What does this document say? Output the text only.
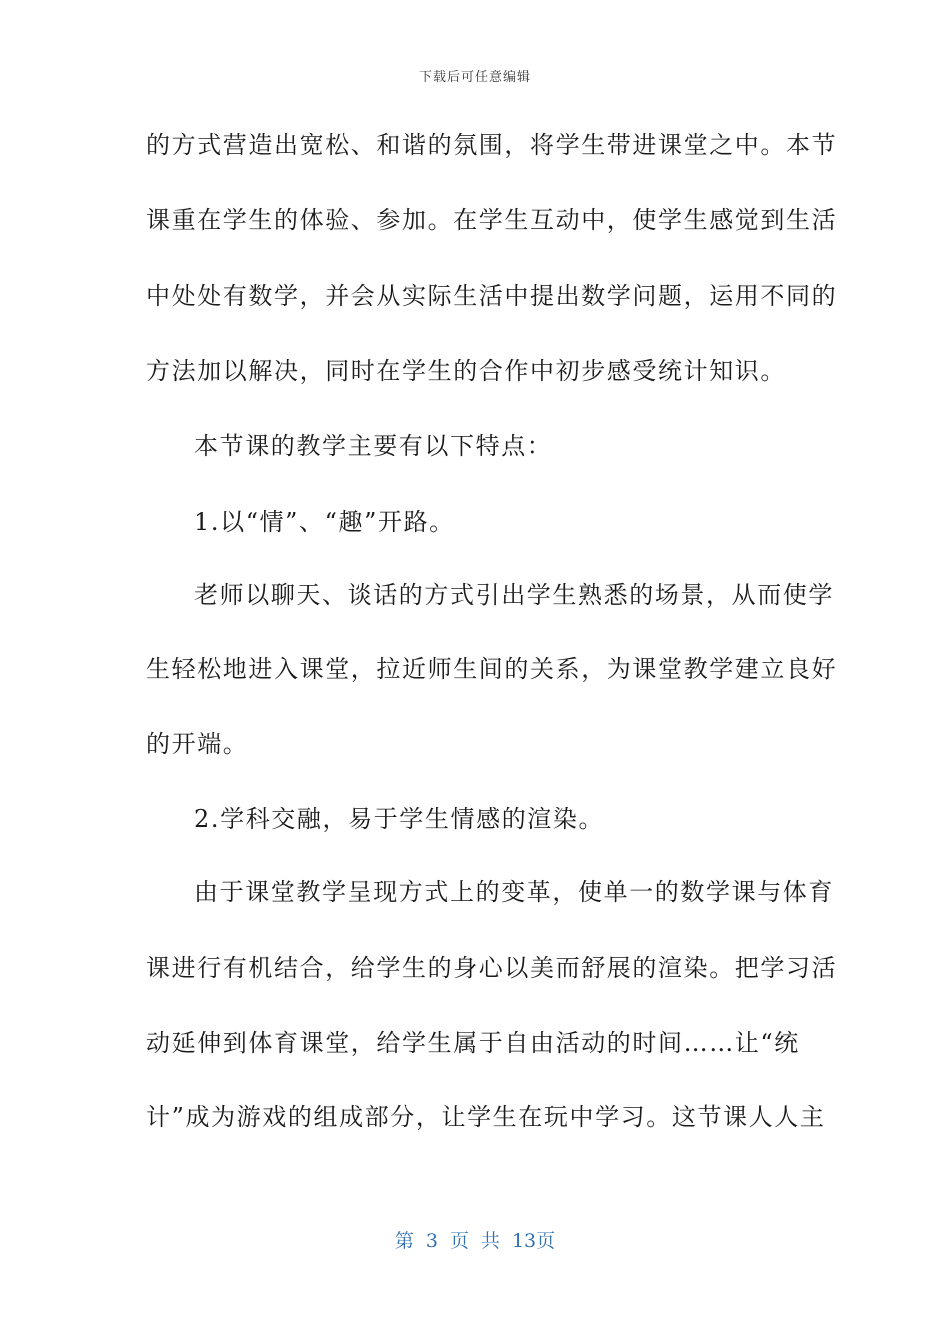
下载后可任意编辑
的方式营造出宽松、和谐的氛围，将学生带进课堂之中。本节
课重在学生的体验、参加。在学生互动中，使学生感觉到生活
中处处有数学，并会从实际生活中提出数学问题，运用不同的
方法加以解决，同时在学生的合作中初步感受统计知识。
本节课的教学主要有以下特点：
1.以“情”、“趣”开路。
老师以聊天、谈话的方式引出学生熟悉的场景，从而使学
生轻松地进入课堂，拉近师生间的关系，为课堂教学建立良好
的开端。
2.学科交融，易于学生情感的渲染。
由于课堂教学呈现方式上的变革，使单一的数学课与体育
课进行有机结合，给学生的身心以美而舒展的渲染。把学习活
动延伸到体育课堂，给学生属于自由活动的时间……让“统
计”成为游戏的组成部分，让学生在玩中学习。这节课人人主
第 3 页 共 13页
